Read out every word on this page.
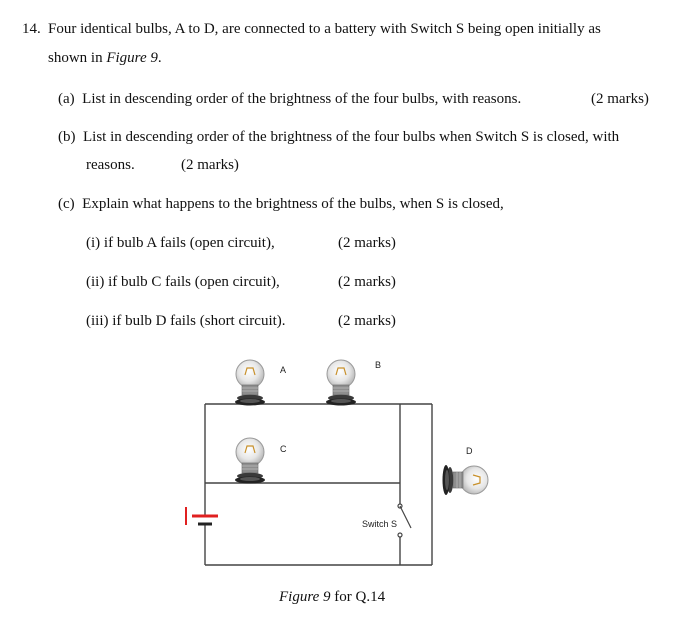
14. Four identical bulbs, A to D, are connected to a battery with Switch S being open initially as
shown in Figure 9.
(a) List in descending order of the brightness of the four bulbs, with reasons.	(2 marks)
(b) List in descending order of the brightness of the four bulbs when Switch S is closed, with
reasons.	(2 marks)
(c) Explain what happens to the brightness of the bulbs, when S is closed,
(i) if bulb A fails (open circuit),	(2 marks)
(ii) if bulb C fails (open circuit),	(2 marks)
(iii) if bulb D fails (short circuit).	(2 marks)
A	B
C	D
Switch S
Figure 9 for Q.14
